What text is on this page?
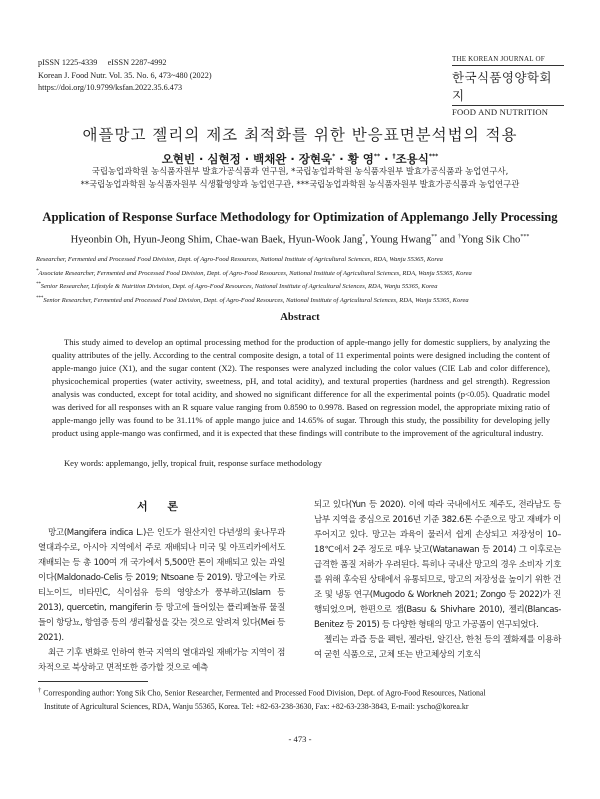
pISSN 1225-4339     eISSN 2287-4992
Korean J. Food Nutr. Vol. 35. No. 6, 473~480 (2022)
https://doi.org/10.9799/ksfan.2022.35.6.473
THE KOREAN JOURNAL OF
한국식품영양학회지
FOOD AND NUTRITION
애플망고 젤리의 제조 최적화를 위한 반응표면분석법의 적용
오현빈 · 심현정 · 백채완 · 장현욱* · 황 영** · †조용식***
국립농업과학원 농식품자원부 발효가공식품과 연구원, *국립농업과학원 농식품자원부 발효가공식품과 농업연구사,
**국립농업과학원 농식품자원부 식생활영양과 농업연구관, ***국립농업과학원 농식품자원부 발효가공식품과 농업연구관
Application of Response Surface Methodology for Optimization of Applemango Jelly Processing
Hyeonbin Oh, Hyun-Jeong Shim, Chae-wan Baek, Hyun-Wook Jang*, Young Hwang** and †Yong Sik Cho***
Researcher, Fermented and Processed Food Division, Dept. of Agro-Food Resources, National Institute of Agricultural Sciences, RDA, Wanju 55365, Korea
*Associate Researcher, Fermented and Processed Food Division, Dept. of Agro-Food Resources, National Institute of Agricultural Sciences, RDA, Wanju 55365, Korea
**Senior Researcher, Lifestyle & Nutrition Division, Dept. of Agro-Food Resources, National Institute of Agricultural Sciences, RDA, Wanju 55365, Korea
***Senior Researcher, Fermented and Processed Food Division, Dept. of Agro-Food Resources, National Institute of Agricultural Sciences, RDA, Wanju 55365, Korea
Abstract
This study aimed to develop an optimal processing method for the production of apple-mango jelly for domestic suppliers, by analyzing the quality attributes of the jelly. According to the central composite design, a total of 11 experimental points were designed including the content of apple-mango juice (X1), and the sugar content (X2). The responses were analyzed including the color values (CIE Lab and color difference), physicochemical properties (water activity, sweetness, pH, and total acidity), and textural properties (hardness and gel strength). Regression analysis was conducted, except for total acidity, and showed no significant difference for all the experimental points (p<0.05). Quadratic model was derived for all responses with an R square value ranging from 0.8590 to 0.9978. Based on regression model, the appropriate mixing ratio of apple-mango jelly was found to be 31.11% of apple mango juice and 14.65% of sugar. Through this study, the possibility for developing jelly product using apple-mango was confirmed, and it is expected that these findings will contribute to the improvement of the agricultural industry.
Key words: applemango, jelly, tropical fruit, response surface methodology
서 론

망고(Mangifera indica L.)은 인도가 원산지인 다년생의 옻나무과 열대과수로, 아시아 지역에서 주로 재배되나 미국 및 아프리카에서도 재배되는 등 총 100여 개 국가에서 5,500만 톤이 재배되고 있는 과일이다(Maldonado-Celis 등 2019; Ntsoane 등 2019). 망고에는 카로티노이드, 비타민C, 식이섬유 등의 영양소가 풍부하고(Islam 등 2013), quercetin, mangiferin 등 망고에 들어있는 폴리페놀류 물질들이 항당뇨, 항염증 등의 생리활성을 갖는 것으로 알려져 있다(Mei 등 2021).

최근 기후 변화로 인하여 한국 지역의 열대과일 재배가능 지역이 점차적으로 북상하고 면적또한 증가할 것으로 예측

되고 있다(Yun 등 2020). 이에 따라 국내에서도 제주도, 전라남도 등 남부 지역을 중심으로 2016년 기준 382.6톤 수준으로 망고 재배가 이루어지고 있다. 망고는 과육이 물러서 쉽게 손상되고 저장성이 10–18℃에서 2주 정도로 매우 낮고(Watanawan 등 2014) 그 이후로는 급격한 품질 저하가 우려된다. 특히나 국내산 망고의 경우 소비자 기호를 위해 후숙된 상태에서 유통되므로, 망고의 저장성을 높이기 위한 건조 및 냉동 연구(Mugodo & Workneh 2021; Zongo 등 2022)가 진행되었으며, 한편으로 잼(Basu & Shivhare 2010), 젤리(Blancas-Benitez 등 2015) 등 다양한 형태의 망고 가공품이 연구되었다.

젤리는 과즙 등을 펙틴, 젤라틴, 알긴산, 한천 등의 겔화제를 이용하여 굳힌 식품으로, 고체 또는 반고체상의 기호식

† Corresponding author: Yong Sik Cho, Senior Researcher, Fermented and Processed Food Division, Dept. of Agro-Food Resources, National
Institute of Agricultural Sciences, RDA, Wanju 55365, Korea. Tel: +82-63-238-3630, Fax: +82-63-238-3843, E-mail: yscho@korea.kr
- 473 -
